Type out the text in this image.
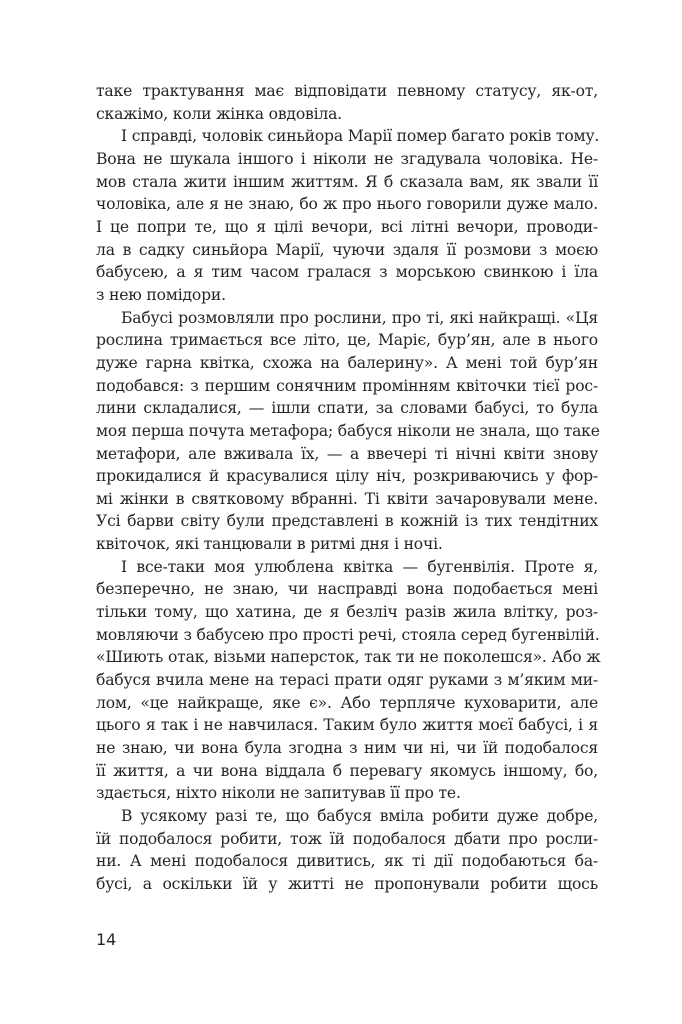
таке трактування має відповідати певному статусу, як-от,
скажімо, коли жінка овдовіла.
І справді, чоловік синьйора Марії помер багато років тому.
Вона не шукала іншого і ніколи не згадувала чоловіка. Не-
мов стала жити іншим життям. Я б сказала вам, як звали її
чоловіка, але я не знаю, бо ж про нього говорили дуже мало.
І це попри те, що я цілі вечори, всі літні вечори, проводи-
ла в садку синьйора Марії, чуючи здаля її розмови з моєю
бабусею, а я тим часом гралася з морською свинкою і їла
з нею помідори.
Бабусі розмовляли про рослини, про ті, які найкращі. «Ця
рослина тримається все літо, це, Маріє, бур’ян, але в нього
дуже гарна квітка, схожа на балерину». А мені той бур’ян
подобався: з першим сонячним промінням квіточки тієї рос-
лини складалися, — ішли спати, за словами бабусі, то була
моя перша почута метафора; бабуся ніколи не знала, що таке
метафори, але вживала їх, — а ввечері ті нічні квіти знову
прокидалися й красувалися цілу ніч, розкриваючись у фор-
мі жінки в святковому вбранні. Ті квіти зачаровували мене.
Усі барви світу були представлені в кожній із тих тендітних
квіточок, які танцювали в ритмі дня і ночі.
І все-таки моя улюблена квітка — бугенвілія. Проте я,
безперечно, не знаю, чи насправді вона подобається мені
тільки тому, що хатина, де я безліч разів жила влітку, роз-
мовляючи з бабусею про прості речі, стояла серед бугенвілій.
«Шиють отак, візьми наперсток, так ти не поколешся». Або ж
бабуся вчила мене на терасі прати одяг руками з м’яким ми-
лом, «це найкраще, яке є». Або терпляче куховарити, але
цього я так і не навчилася. Таким було життя моєї бабусі, і я
не знаю, чи вона була згодна з ним чи ні, чи їй подобалося
її життя, а чи вона віддала б перевагу якомусь іншому, бо,
здається, ніхто ніколи не запитував її про те.
В усякому разі те, що бабуся вміла робити дуже добре,
їй подобалося робити, тож їй подобалося дбати про росли-
ни. А мені подобалося дивитись, як ті дії подобаються ба-
бусі, а оскільки їй у житті не пропонували робити щось
14
